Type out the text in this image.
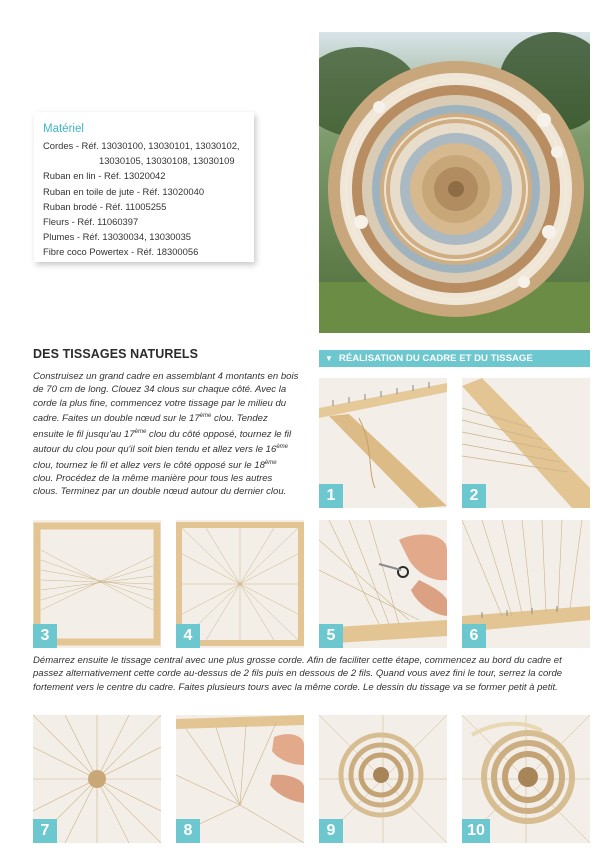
Matériel
Cordes - Réf. 13030100, 13030101, 13030102,
13030105, 13030108, 13030109
Ruban en lin - Réf. 13020042
Ruban en toile de jute - Réf. 13020040
Ruban brodé - Réf. 11005255
Fleurs - Réf. 11060397
Plumes - Réf. 13030034, 13030035
Fibre coco Powertex - Réf. 18300056
DES TISSAGES NATURELS
Construisez un grand cadre en assemblant 4 montants en bois de 70 cm de long. Clouez 34 clous sur chaque côté. Avec la corde la plus fine, commencez votre tissage par le milieu du cadre. Faites un double nœud sur le 17ème clou. Tendez ensuite le fil jusqu'au 17ème clou du côté opposé, tournez le fil autour du clou pour qu'il soit bien tendu et allez vers le 16ème clou, tournez le fil et allez vers le côté opposé sur le 18ème clou. Procédez de la même manière pour tous les autres clous. Terminez par un double nœud autour du dernier clou.
▼ RÉALISATION DU CADRE ET DU TISSAGE
1	2
3	4	5	6
Démarrez ensuite le tissage central avec une plus grosse corde. Afin de faciliter cette étape, commencez au bord du cadre et passez alternativement cette corde au-dessus de 2 fils puis en dessous de 2 fils. Quand vous avez fini le tour, serrez la corde fortement vers le centre du cadre. Faites plusieurs tours avec la même corde. Le dessin du tissage va se former petit à petit.
7	8	9	10
